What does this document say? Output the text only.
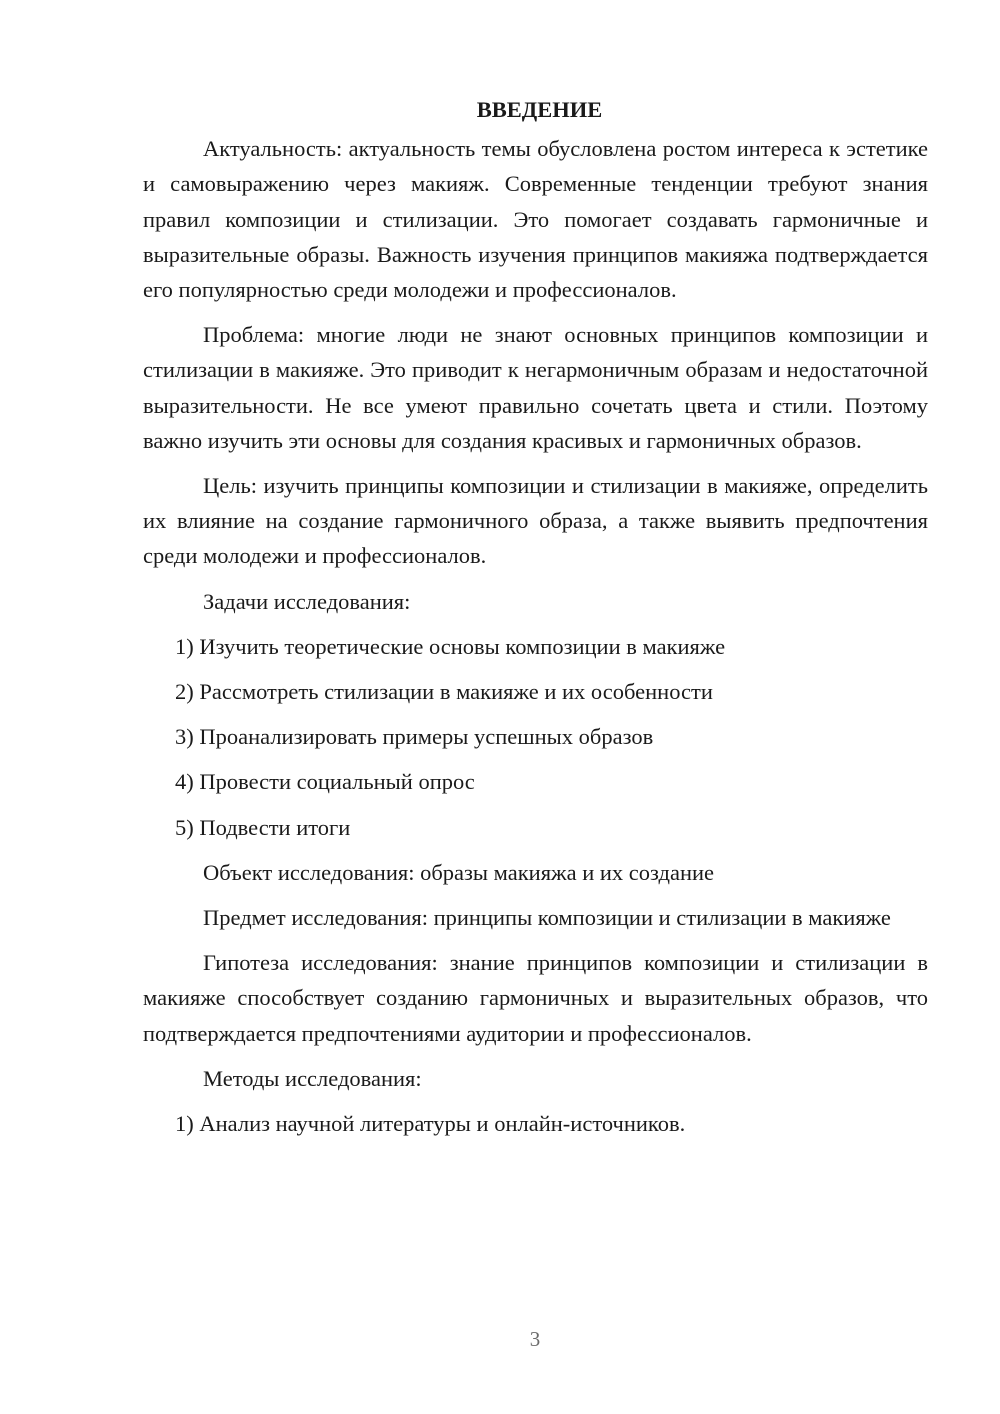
ВВЕДЕНИЕ

Актуальность: актуальность темы обусловлена ростом интереса к эстетике и самовыражению через макияж. Современные тенденции требуют знания правил композиции и стилизации. Это помогает создавать гармоничные и выразительные образы. Важность изучения принципов макияжа подтверждается его популярностью среди молодежи и профессионалов.

Проблема: многие люди не знают основных принципов композиции и стилизации в макияже. Это приводит к негармоничным образам и недостаточной выразительности. Не все умеют правильно сочетать цвета и стили. Поэтому важно изучить эти основы для создания красивых и гармоничных образов.

Цель: изучить принципы композиции и стилизации в макияже, определить их влияние на создание гармоничного образа, а также выявить предпочтения среди молодежи и профессионалов.

Задачи исследования:

1) Изучить теоретические основы композиции в макияже

2) Рассмотреть стилизации в макияже и их особенности

3) Проанализировать примеры успешных образов

4) Провести социальный опрос

5) Подвести итоги

Объект исследования: образы макияжа и их создание

Предмет исследования: принципы композиции и стилизации в макияже

Гипотеза исследования: знание принципов композиции и стилизации в макияже способствует созданию гармоничных и выразительных образов, что подтверждается предпочтениями аудитории и профессионалов.

Методы исследования:

1) Анализ научной литературы и онлайн-источников.

3
